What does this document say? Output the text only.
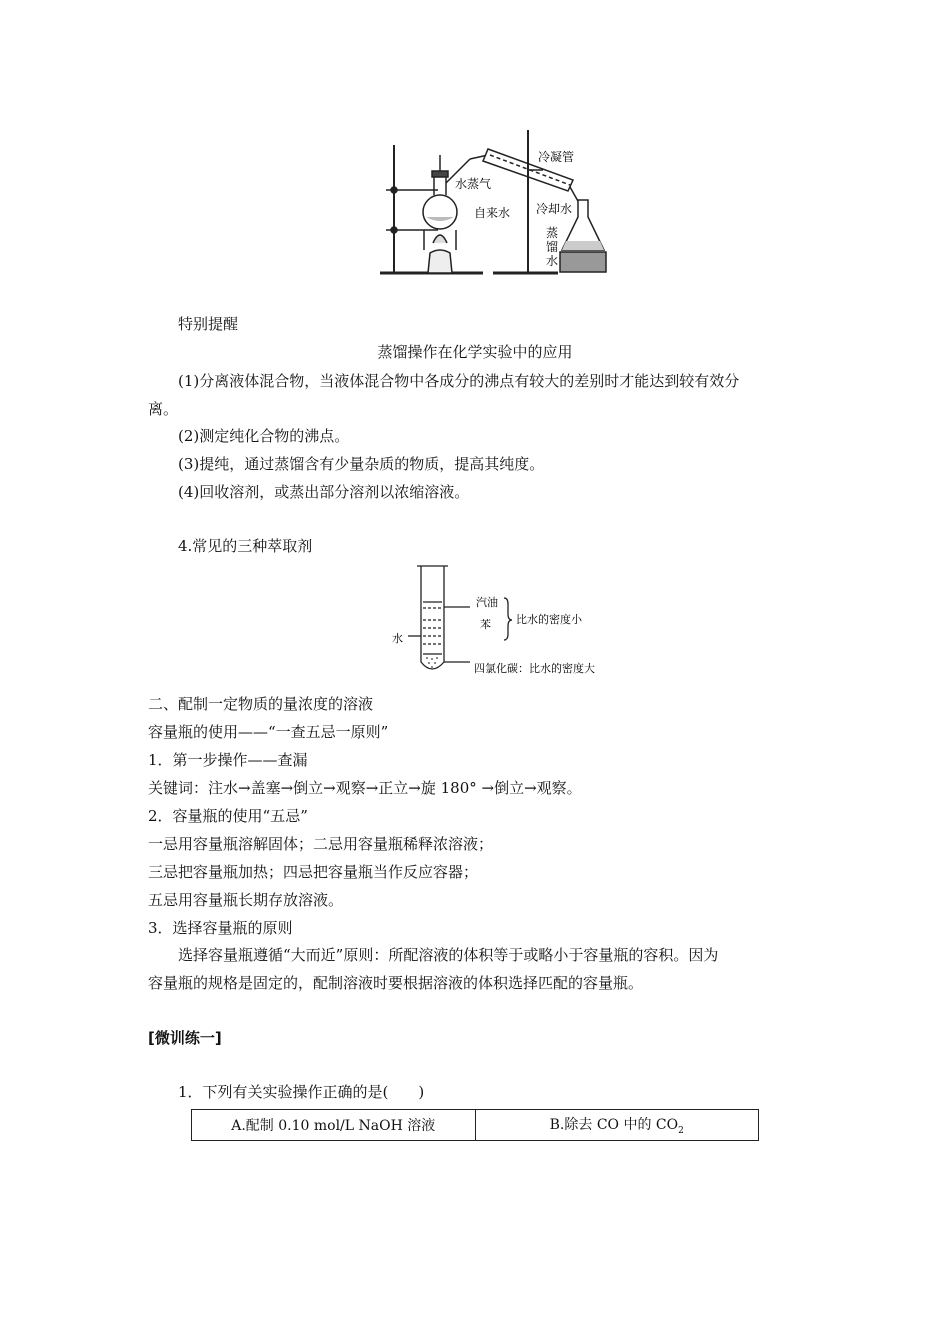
冷凝管
水蒸气
自来水 冷却水
蒸
馏
水
特别提醒
蒸馏操作在化学实验中的应用
(1)分离液体混合物，当液体混合物中各成分的沸点有较大的差别时才能达到较有效分
离。
(2)测定纯化合物的沸点。
(3)提纯，通过蒸馏含有少量杂质的物质，提高其纯度。
(4)回收溶剂，或蒸出部分溶剂以浓缩溶液。
4.常见的三种萃取剂
汽油
苯 比水的密度小
水
四氯化碳：比水的密度大
二、配制一定物质的量浓度的溶液
容量瓶的使用——“一查五忌一原则”
1．第一步操作——查漏
关键词：注水→盖塞→倒立→观察→正立→旋 180° →倒立→观察。
2．容量瓶的使用“五忌”
一忌用容量瓶溶解固体；二忌用容量瓶稀释浓溶液；
三忌把容量瓶加热；四忌把容量瓶当作反应容器；
五忌用容量瓶长期存放溶液。
3．选择容量瓶的原则
选择容量瓶遵循“大而近”原则：所配溶液的体积等于或略小于容量瓶的容积。因为
容量瓶的规格是固定的，配制溶液时要根据溶液的体积选择匹配的容量瓶。
[微训练一]
1．下列有关实验操作正确的是(　　)
A.配制 0.10 mol/L NaOH 溶液	B.除去 CO 中的 $CO_2$
